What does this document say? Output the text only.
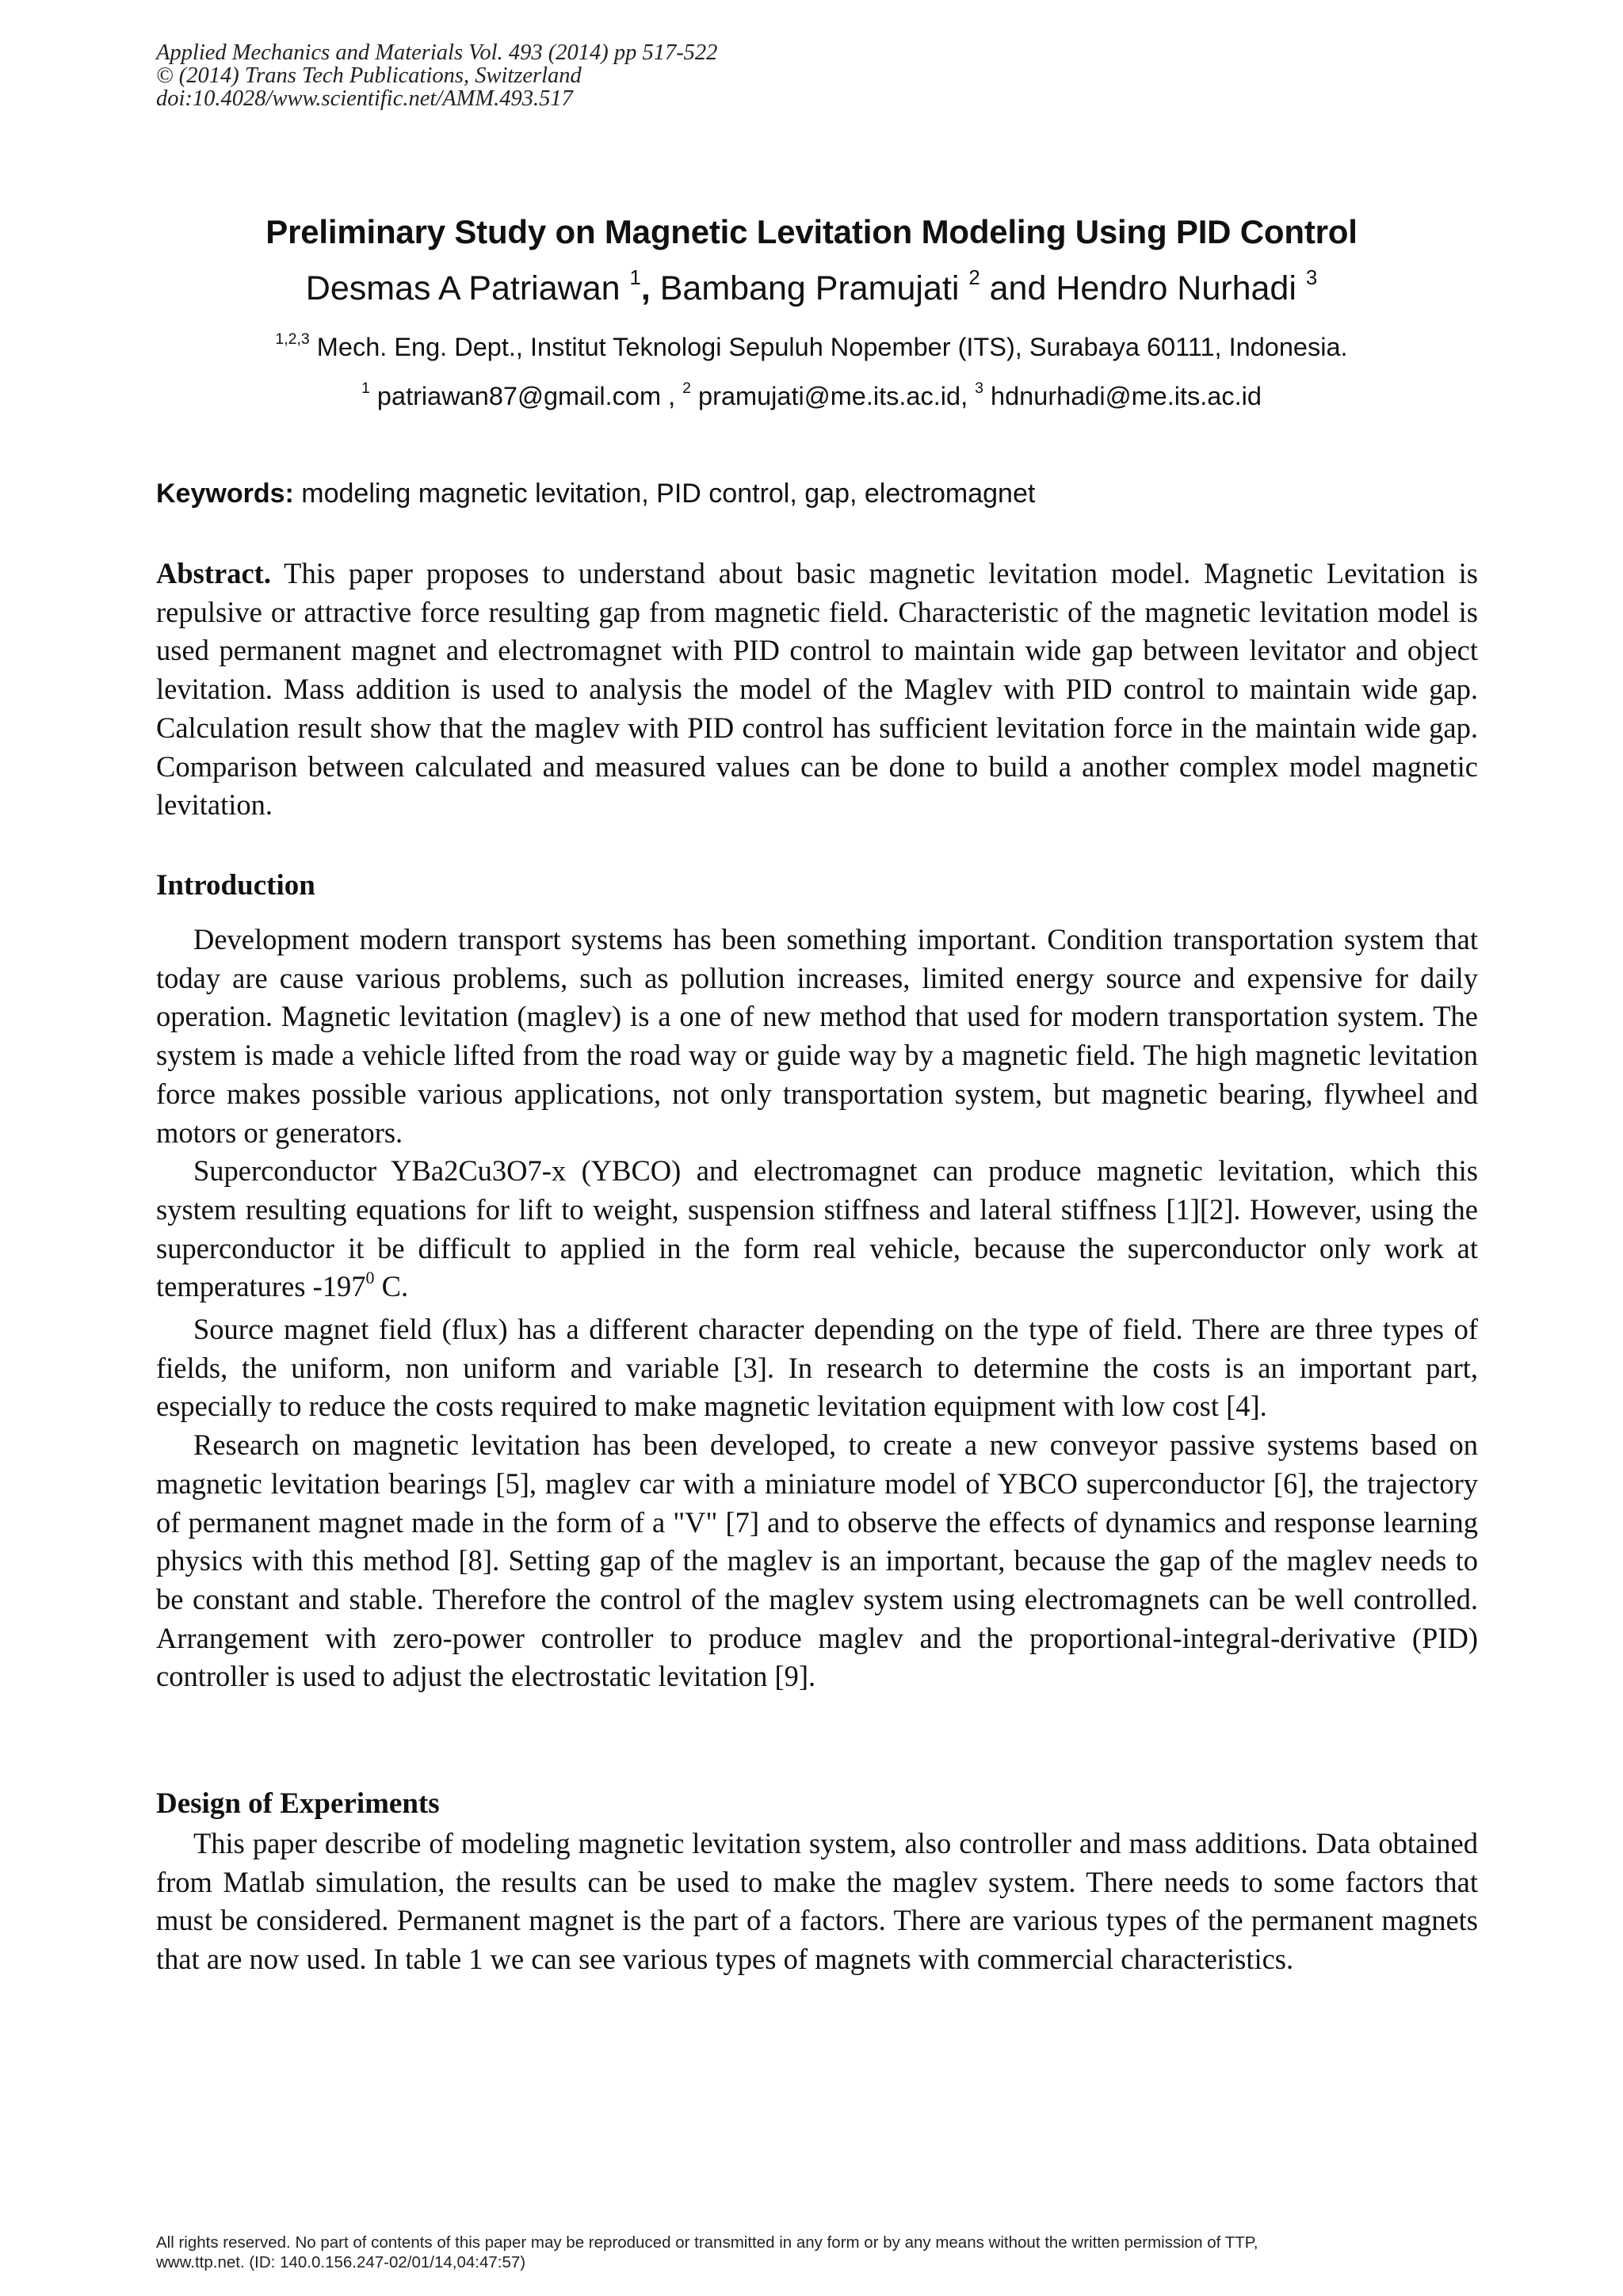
Applied Mechanics and Materials Vol. 493 (2014) pp 517-522
© (2014) Trans Tech Publications, Switzerland
doi:10.4028/www.scientific.net/AMM.493.517
Preliminary Study on Magnetic Levitation Modeling Using PID Control
Desmas A Patriawan $^1$, Bambang Pramujati $^2$ and Hendro Nurhadi $^3$
$^{1,2,3}$ Mech. Eng. Dept., Institut Teknologi Sepuluh Nopember (ITS), Surabaya 60111, Indonesia.
$^1$ patriawan87@gmail.com , $^2$ pramujati@me.its.ac.id, $^3$ hdnurhadi@me.its.ac.id
Keywords: modeling magnetic levitation, PID control, gap, electromagnet

Abstract. This paper proposes to understand about basic magnetic levitation model. Magnetic Levitation is repulsive or attractive force resulting gap from magnetic field. Characteristic of the magnetic levitation model is used permanent magnet and electromagnet with PID control to maintain wide gap between levitator and object levitation. Mass addition is used to analysis the model of the Maglev with PID control to maintain wide gap. Calculation result show that the maglev with PID control has sufficient levitation force in the maintain wide gap. Comparison between calculated and measured values can be done to build a another complex model magnetic levitation.

Introduction

Development modern transport systems has been something important. Condition transportation system that today are cause various problems, such as pollution increases, limited energy source and expensive for daily operation. Magnetic levitation (maglev) is a one of new method that used for modern transportation system. The system is made a vehicle lifted from the road way or guide way by a magnetic field. The high magnetic levitation force makes possible various applications, not only transportation system, but magnetic bearing, flywheel and motors or generators.

Superconductor YBa2Cu3O7-x (YBCO) and electromagnet can produce magnetic levitation, which this system resulting equations for lift to weight, suspension stiffness and lateral stiffness [1][2]. However, using the superconductor it be difficult to applied in the form real vehicle, because the superconductor only work at temperatures $-197^0$ C.

Source magnet field (flux) has a different character depending on the type of field. There are three types of fields, the uniform, non uniform and variable [3]. In research to determine the costs is an important part, especially to reduce the costs required to make magnetic levitation equipment with low cost [4].

Research on magnetic levitation has been developed, to create a new conveyor passive systems based on magnetic levitation bearings [5], maglev car with a miniature model of YBCO superconductor [6], the trajectory of permanent magnet made in the form of a "V" [7] and to observe the effects of dynamics and response learning physics with this method [8]. Setting gap of the maglev is an important, because the gap of the maglev needs to be constant and stable. Therefore the control of the maglev system using electromagnets can be well controlled. Arrangement with zero-power controller to produce maglev and the proportional-integral-derivative (PID) controller is used to adjust the electrostatic levitation [9].

Design of Experiments

This paper describe of modeling magnetic levitation system, also controller and mass additions. Data obtained from Matlab simulation, the results can be used to make the maglev system. There needs to some factors that must be considered. Permanent magnet is the part of a factors. There are various types of the permanent magnets that are now used. In table 1 we can see various types of magnets with commercial characteristics.

All rights reserved. No part of contents of this paper may be reproduced or transmitted in any form or by any means without the written permission of TTP,
www.ttp.net. (ID: 140.0.156.247-02/01/14,04:47:57)
